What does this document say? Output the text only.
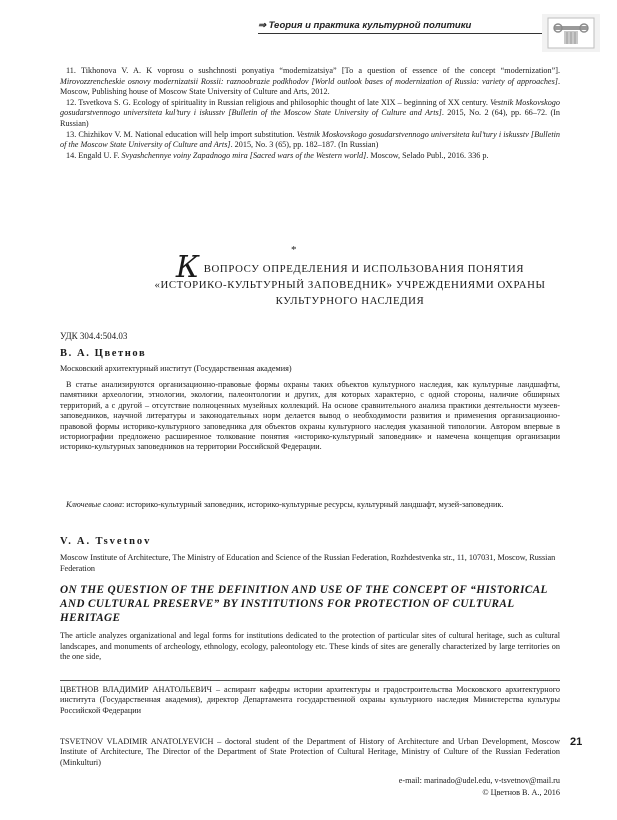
⇒ Теория и практика культурной политики

11. Tikhonova V. A. K voprosu o sushchnosti ponyatiya “modernizatsiya” [To a question of essence of the concept “modernization”]. Mirovozzrencheskie osnovy modernizatsii Rossii: raznoobrazie podkhodov [World outlook bases of modernization of Russia: variety of approaches]. Moscow, Publishing house of Moscow State University of Culture and Arts, 2012.

12. Tsvetkova S. G. Ecology of spirituality in Russian religious and philosophic thought of late XIX – beginning of XX century. Vestnik Moskovskogo gosudarstvennogo universiteta kul’tury i iskusstv [Bulletin of the Moscow State University of Culture and Arts]. 2015, No. 2 (64), pp. 66–72. (In Russian)

13. Chizhikov V. M. National education will help import substitution. Vestnik Moskovskogo gosudarstvennogo universiteta kul’tury i iskusstv [Bulletin of the Moscow State University of Culture and Arts]. 2015, No. 3 (65), pp. 182–187. (In Russian)

14. Engald U. F. Svyashchennye voiny Zapadnogo mira [Sacred wars of the Western world]. Moscow, Selado Publ., 2016. 336 p.

*
КВОПРОСУ ОПРЕДЕЛЕНИЯ И ИСПОЛЬЗОВАНИЯ ПОНЯТИЯ «ИСТОРИКО-КУЛЬТУРНЫЙ ЗАПОВЕДНИК» УЧРЕЖДЕНИЯМИ ОХРАНЫ КУЛЬТУРНОГО НАСЛЕДИЯ
УДК 304.4:504.03
В. А. Цветнов
Московский архитектурный институт (Государственная академия)

В статье анализируются организационно-правовые формы охраны таких объектов культурного наследия, как культурные ландшафты, памятники археологии, этнологии, экологии, палеонтологии и других, для которых характерно, с одной стороны, наличие обширных территорий, а с другой – отсутствие полноценных музейных коллекций. На основе сравнительного анализа практики деятельности музеев-заповедников, научной литературы и законодательных норм делается вывод о необходимости развития и применения организационно-правовой формы историко-культурного заповедника для объектов охраны культурного наследия указанной типологии. Автором впервые в историографии предложено расширенное толкование понятия «историко-культурный заповедник» и намечена концепция организации историко-культурных заповедников на территории Российской Федерации.

Ключевые слова: историко-культурный заповедник, историко-культурные ресурсы, культурный ландшафт, музей-заповедник.
V. A. Tsvetnov
Moscow Institute of Architecture, The Ministry of Education and Science of the Russian Federation, Rozhdestvenka str., 11, 107031, Moscow, Russian Federation
ON THE QUESTION OF THE DEFINITION AND USE OF THE CONCEPT OF “HISTORICAL AND CULTURAL PRESERVE” BY INSTITUTIONS FOR PROTECTION OF CULTURAL HERITAGE

The article analyzes organizational and legal forms for institutions dedicated to the protection of particular sites of cultural heritage, such as cultural landscapes, and monuments of archeology, ethnology, ecology, paleontology etc. These kinds of sites are generally characterized by large territories on the one side,

ЦВЕТНОВ ВЛАДИМИР АНАТОЛЬЕВИЧ – аспирант кафедры истории архитектуры и градостроительства Московского архитектурного института (Государственная академия), директор Департамента государственной охраны культурного наследия Министерства культуры Российской Федерации

TSVETNOV VLADIMIR ANATOLYEVICH – doctoral student of the Department of History of Architecture and Urban Development, Moscow Institute of Architecture, The Director of the Department of State Protection of Cultural Heritage, Ministry of Culture of the Russian Federation (Minkulturi)

e-mail: marinado@udel.edu, v-tsvetnov@mail.ru
© Цветнов В. А., 2016
21
